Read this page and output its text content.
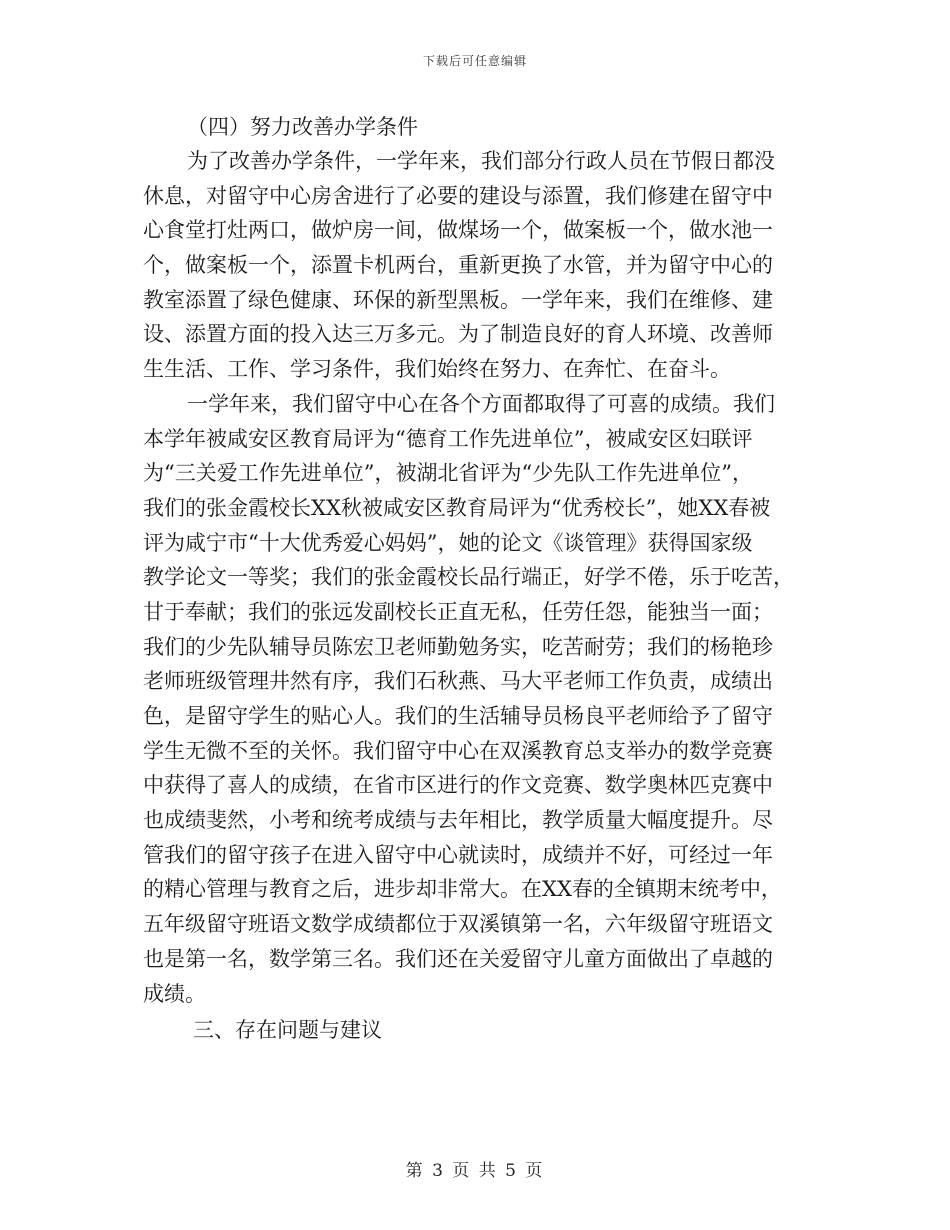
下载后可任意编辑
（四）努力改善办学条件
为了改善办学条件，一学年来，我们部分行政人员在节假日都没
休息，对留守中心房舍进行了必要的建设与添置，我们修建在留守中
心食堂打灶两口，做炉房一间，做煤场一个，做案板一个，做水池一
个，做案板一个，添置卡机两台，重新更换了水管，并为留守中心的
教室添置了绿色健康、环保的新型黑板。一学年来，我们在维修、建
设、添置方面的投入达三万多元。为了制造良好的育人环境、改善师
生生活、工作、学习条件，我们始终在努力、在奔忙、在奋斗。
一学年来，我们留守中心在各个方面都取得了可喜的成绩。我们
本学年被咸安区教育局评为“德育工作先进单位”，被咸安区妇联评
为“三关爱工作先进单位”，被湖北省评为“少先队工作先进单位”，
我们的张金霞校长XX秋被咸安区教育局评为“优秀校长”，她XX春被
评为咸宁市“十大优秀爱心妈妈”，她的论文《谈管理》获得国家级
教学论文一等奖；我们的张金霞校长品行端正，好学不倦，乐于吃苦，
甘于奉献；我们的张远发副校长正直无私，任劳任怨，能独当一面；
我们的少先队辅导员陈宏卫老师勤勉务实，吃苦耐劳；我们的杨艳珍
老师班级管理井然有序，我们石秋燕、马大平老师工作负责，成绩出
色，是留守学生的贴心人。我们的生活辅导员杨良平老师给予了留守
学生无微不至的关怀。我们留守中心在双溪教育总支举办的数学竞赛
中获得了喜人的成绩，在省市区进行的作文竞赛、数学奥林匹克赛中
也成绩斐然，小考和统考成绩与去年相比，教学质量大幅度提升。尽
管我们的留守孩子在进入留守中心就读时，成绩并不好，可经过一年
的精心管理与教育之后，进步却非常大。在XX春的全镇期末统考中，
五年级留守班语文数学成绩都位于双溪镇第一名，六年级留守班语文
也是第一名，数学第三名。我们还在关爱留守儿童方面做出了卓越的
成绩。
三、存在问题与建议
第 3 页 共 5 页
